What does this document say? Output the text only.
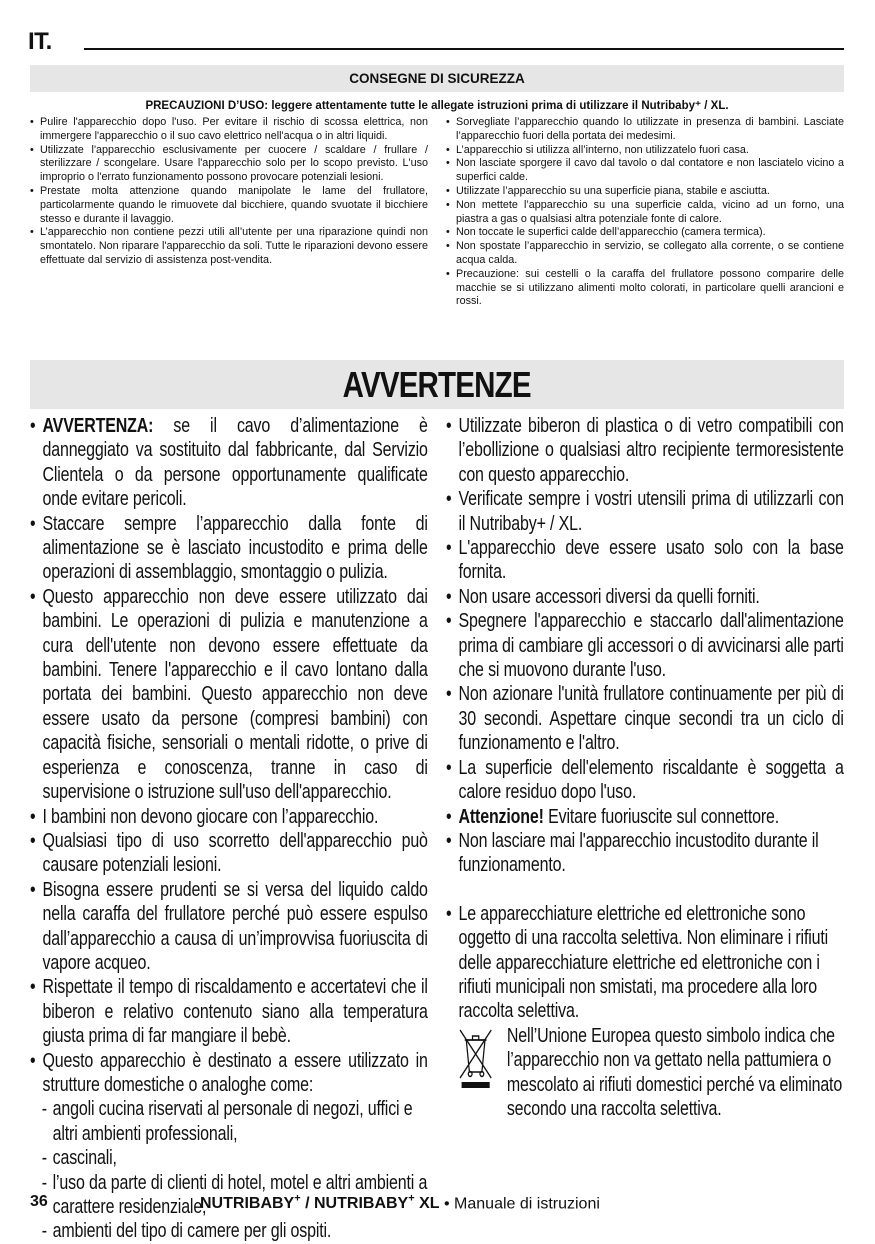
IT.
CONSEGNE DI SICUREZZA
PRECAUZIONI D’USO: leggere attentamente tutte le allegate istruzioni prima di utilizzare il Nutribaby⁺ / XL.
• Pulire l'apparecchio dopo l'uso. Per evitare il rischio di scossa elettrica, non immergere l'apparecchio o il suo cavo elettrico nell'acqua o in altri liquidi.
• Utilizzate l'apparecchio esclusivamente per cuocere / scaldare / frullare / sterilizzare / scongelare. Usare l'apparecchio solo per lo scopo previsto. L'uso improprio o l'errato funzionamento possono provocare potenziali lesioni.
• Prestate molta attenzione quando manipolate le lame del frullatore, particolarmente quando le rimuovete dal bicchiere, quando svuotate il bicchiere stesso e durante il lavaggio.
• L’apparecchio non contiene pezzi utili all’utente per una riparazione quindi non smontatelo. Non riparare l'apparecchio da soli. Tutte le riparazioni devono essere effettuate dal servizio di assistenza post-vendita.
• Sorvegliate l’apparecchio quando lo utilizzate in presenza di bambini. Lasciate l’apparecchio fuori della portata dei medesimi.
• L’apparecchio si utilizza all’interno, non utilizzatelo fuori casa.
• Non lasciate sporgere il cavo dal tavolo o dal contatore e non lasciatelo vicino a superfici calde.
• Utilizzate l’apparecchio su una superficie piana, stabile e asciutta.
• Non mettete l’apparecchio su una superficie calda, vicino ad un forno, una piastra a gas o qualsiasi altra potenziale fonte di calore.
• Non toccate le superfici calde dell’apparecchio (camera termica).
• Non spostate l’apparecchio in servizio, se collegato alla corrente, o se contiene acqua calda.
• Precauzione: sui cestelli o la caraffa del frullatore possono comparire delle macchie se si utilizzano alimenti molto colorati, in particolare quelli arancioni e rossi.
AVVERTENZE
• AVVERTENZA: se il cavo d’alimentazione è danneggiato va sostituito dal fabbricante, dal Servizio Clientela o da persone opportunamente qualificate onde evitare pericoli.
• Staccare sempre l’apparecchio dalla fonte di alimentazione se è lasciato incustodito e prima delle operazioni di assemblaggio, smontaggio o pulizia.
• Questo apparecchio non deve essere utilizzato dai bambini. Le operazioni di pulizia e manutenzione a cura dell'utente non devono essere effettuate da bambini. Tenere l'apparecchio e il cavo lontano dalla portata dei bambini. Questo apparecchio non deve essere usato da persone (compresi bambini) con capacità fisiche, sensoriali o mentali ridotte, o prive di esperienza e conoscenza, tranne in caso di supervisione o istruzione sull'uso dell'apparecchio.
• I bambini non devono giocare con l’apparecchio.
• Qualsiasi tipo di uso scorretto dell'apparecchio può causare potenziali lesioni.
• Bisogna essere prudenti se si versa del liquido caldo nella caraffa del frullatore perché può essere espulso dall’apparecchio a causa di un’improvvisa fuoriuscita di vapore acqueo.
• Rispettate il tempo di riscaldamento e accertatevi che il biberon e relativo contenuto siano alla temperatura giusta prima di far mangiare il bebè.
• Questo apparecchio è destinato a essere utilizzato in strutture domestiche o analoghe come:
- angoli cucina riservati al personale di negozi, uffici e altri ambienti professionali,
- cascinali,
- l’uso da parte di clienti di hotel, motel e altri ambienti a carattere residenziale,
- ambienti del tipo di camere per gli ospiti.
• Utilizzate biberon di plastica o di vetro compatibili con l’ebollizione o qualsiasi altro recipiente termoresistente con questo apparecchio.
• Verificate sempre i vostri utensili prima di utilizzarli con il Nutribaby+ / XL.
• L'apparecchio deve essere usato solo con la base fornita.
• Non usare accessori diversi da quelli forniti.
• Spegnere l'apparecchio e staccarlo dall'alimentazione prima di cambiare gli accessori o di avvicinarsi alle parti che si muovono durante l'uso.
• Non azionare l'unità frullatore continuamente per più di 30 secondi. Aspettare cinque secondi tra un ciclo di funzionamento e l'altro.
• La superficie dell'elemento riscaldante è soggetta a calore residuo dopo l'uso.
• Attenzione! Evitare fuoriuscite sul connettore.
• Non lasciare mai l'apparecchio incustodito durante il funzionamento.
• Le apparecchiature elettriche ed elettroniche sono oggetto di una raccolta selettiva. Non eliminare i rifiuti delle apparecchiature elettriche ed elettroniche con i rifiuti municipali non smistati, ma procedere alla loro raccolta selettiva.
Nell’Unione Europea questo simbolo indica che l’apparecchio non va gettato nella pattumiera o mescolato ai rifiuti domestici perché va eliminato secondo una raccolta selettiva.
36	NUTRIBABY+ / NUTRIBABY+ XL • Manuale di istruzioni
